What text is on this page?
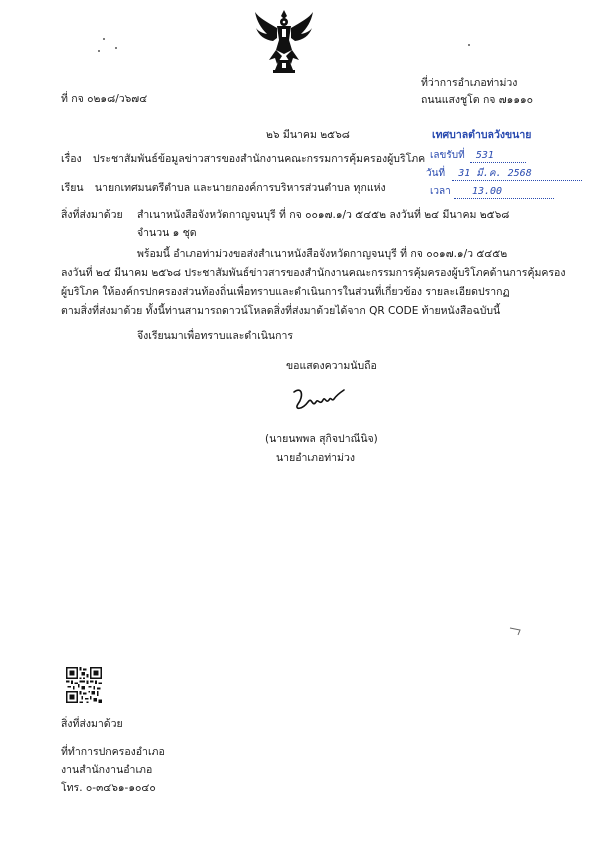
ที่ กจ ๐๒๑๘/ว๖๗๔
ที่ว่าการอำเภอท่าม่วง
ถนนแสงชูโต กจ ๗๑๑๑๐
๒๖ มีนาคม ๒๕๖๘	เทศบาลตำบลวังขนาย
เลขรับที่ 531
วันที่ 31 มี.ค. 2568
เวลา 13.00
เรื่อง ประชาสัมพันธ์ข้อมูลข่าวสารของสำนักงานคณะกรรมการคุ้มครองผู้บริโภค
เรียน นายกเทศมนตรีตำบล และนายกองค์การบริหารส่วนตำบล ทุกแห่ง
สิ่งที่ส่งมาด้วย สำเนาหนังสือจังหวัดกาญจนบุรี ที่ กจ ๐๐๑๗.๑/ว ๕๔๕๒ ลงวันที่ ๒๔ มีนาคม ๒๕๖๘
จำนวน ๑ ชุด
พร้อมนี้ อำเภอท่าม่วงขอส่งสำเนาหนังสือจังหวัดกาญจนบุรี ที่ กจ ๐๐๑๗.๑/ว ๕๔๕๒
ลงวันที่ ๒๔ มีนาคม ๒๕๖๘ ประชาสัมพันธ์ข่าวสารของสำนักงานคณะกรรมการคุ้มครองผู้บริโภคด้านการคุ้มครอง
ผู้บริโภค ให้องค์กรปกครองส่วนท้องถิ่นเพื่อทราบและดำเนินการในส่วนที่เกี่ยวข้อง รายละเอียดปรากฏ
ตามสิ่งที่ส่งมาด้วย ทั้งนี้ท่านสามารถดาวน์โหลดสิ่งที่ส่งมาด้วยได้จาก QR CODE ท้ายหนังสือฉบับนี้
จึงเรียนมาเพื่อทราบและดำเนินการ
ขอแสดงความนับถือ
(นายนพพล สุกิจปาณีนิจ)
นายอำเภอท่าม่วง
สิ่งที่ส่งมาด้วย
ที่ทำการปกครองอำเภอ
งานสำนักงานอำเภอ
โทร. ๐-๓๔๖๑-๑๐๔๐
